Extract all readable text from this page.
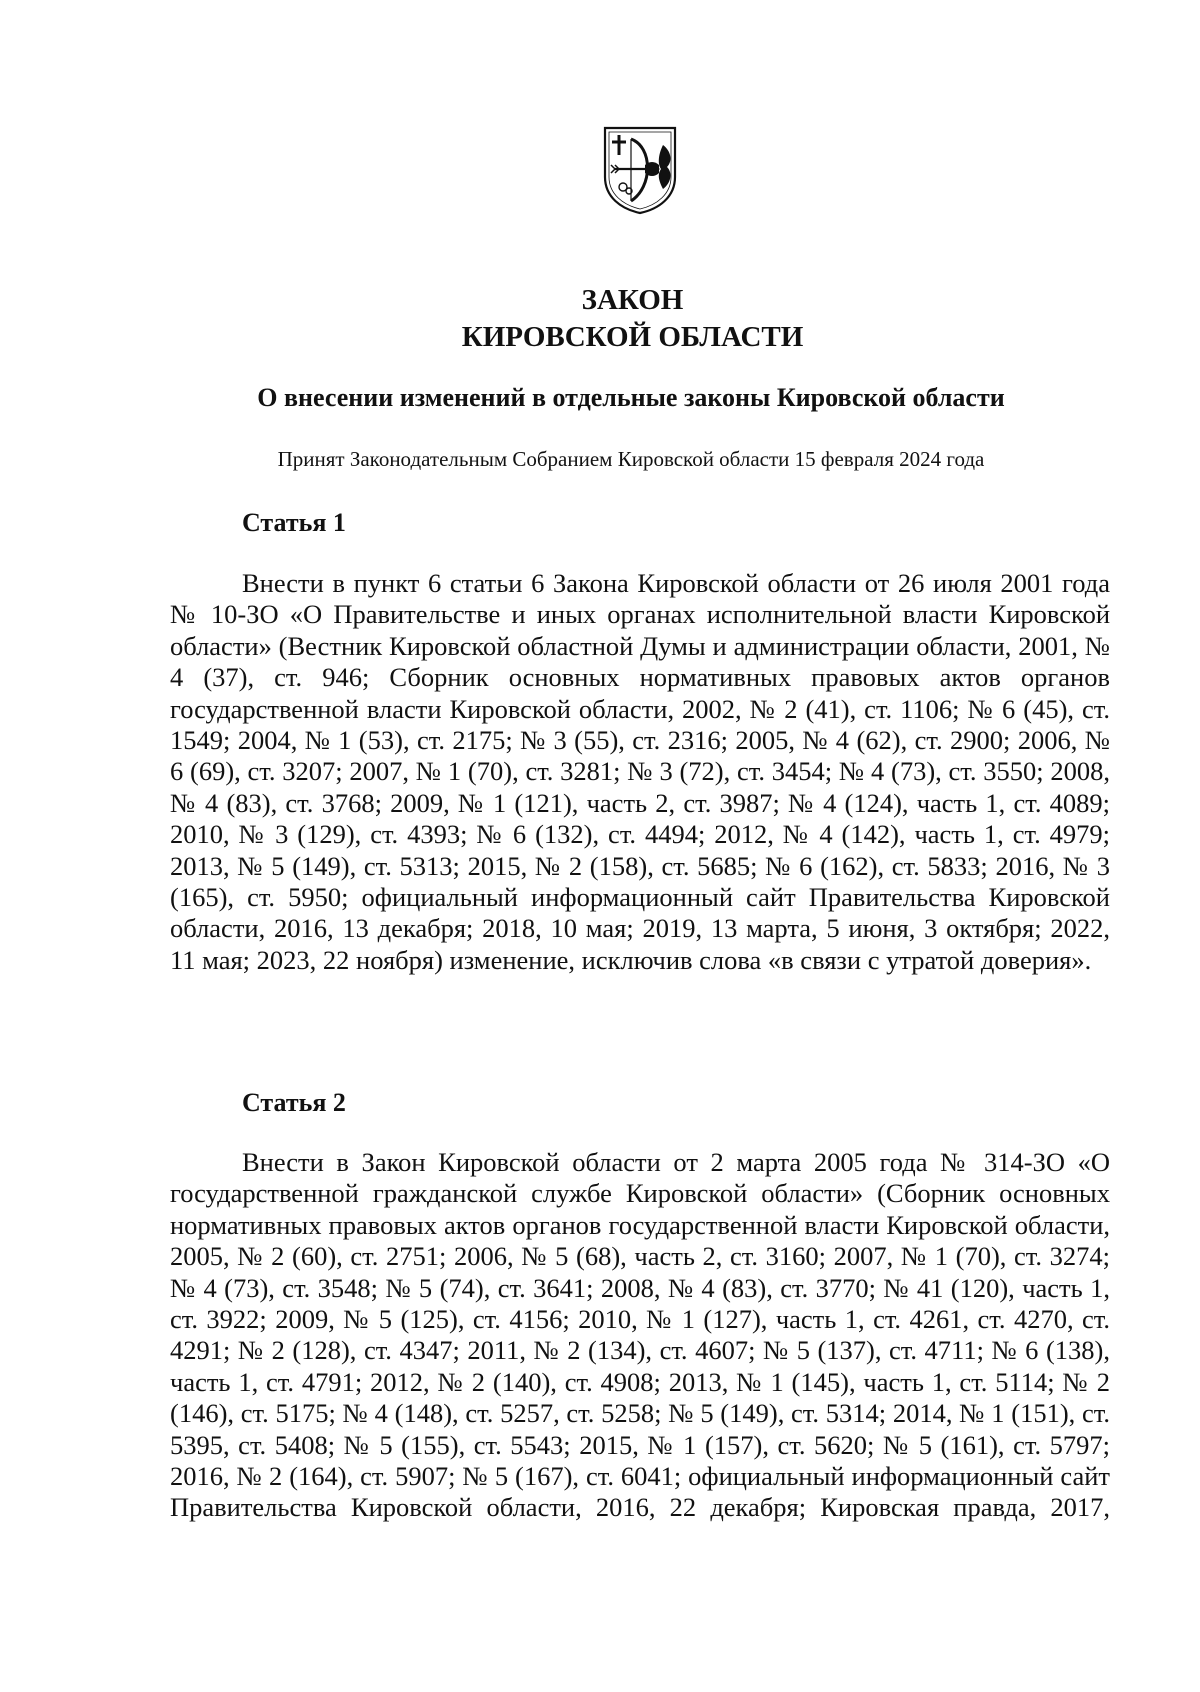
ЗАКОН
КИРОВСКОЙ ОБЛАСТИ
О внесении изменений в отдельные законы Кировской области
Принят Законодательным Собранием Кировской области 15 февраля 2024 года
Статья 1
Внести в пункт 6 статьи 6 Закона Кировской области от 26 июля 2001 года № 10-ЗО «О Правительстве и иных органах исполнительной власти Кировской области» (Вестник Кировской областной Думы и администрации области, 2001, № 4 (37), ст. 946; Сборник основных нормативных правовых актов органов государственной власти Кировской области, 2002, № 2 (41), ст. 1106; № 6 (45), ст. 1549; 2004, № 1 (53), ст. 2175; № 3 (55), ст. 2316; 2005, № 4 (62), ст. 2900; 2006, № 6 (69), ст. 3207; 2007, № 1 (70), ст. 3281; № 3 (72), ст. 3454; № 4 (73), ст. 3550; 2008, № 4 (83), ст. 3768; 2009, № 1 (121), часть 2, ст. 3987; № 4 (124), часть 1, ст. 4089; 2010, № 3 (129), ст. 4393; № 6 (132), ст. 4494; 2012, № 4 (142), часть 1, ст. 4979; 2013, № 5 (149), ст. 5313; 2015, № 2 (158), ст. 5685; № 6 (162), ст. 5833; 2016, № 3 (165), ст. 5950; официальный информационный сайт Правительства Кировской области, 2016, 13 декабря; 2018, 10 мая; 2019, 13 марта, 5 июня, 3 октября; 2022, 11 мая; 2023, 22 ноября) изменение, исключив слова «в связи с утратой доверия».
Статья 2
Внести в Закон Кировской области от 2 марта 2005 года № 314-ЗО «О государственной гражданской службе Кировской области» (Сборник основных нормативных правовых актов органов государственной власти Кировской области, 2005, № 2 (60), ст. 2751; 2006, № 5 (68), часть 2, ст. 3160; 2007, № 1 (70), ст. 3274; № 4 (73), ст. 3548; № 5 (74), ст. 3641; 2008, № 4 (83), ст. 3770; № 41 (120), часть 1, ст. 3922; 2009, № 5 (125), ст. 4156; 2010, № 1 (127), часть 1, ст. 4261, ст. 4270, ст. 4291; № 2 (128), ст. 4347; 2011, № 2 (134), ст. 4607; № 5 (137), ст. 4711; № 6 (138), часть 1, ст. 4791; 2012, № 2 (140), ст. 4908; 2013, № 1 (145), часть 1, ст. 5114; № 2 (146), ст. 5175; № 4 (148), ст. 5257, ст. 5258; № 5 (149), ст. 5314; 2014, № 1 (151), ст. 5395, ст. 5408; № 5 (155), ст. 5543; 2015, № 1 (157), ст. 5620; № 5 (161), ст. 5797; 2016, № 2 (164), ст. 5907; № 5 (167), ст. 6041; официальный информационный сайт Правительства Кировской области, 2016, 22 декабря; Кировская правда, 2017,
